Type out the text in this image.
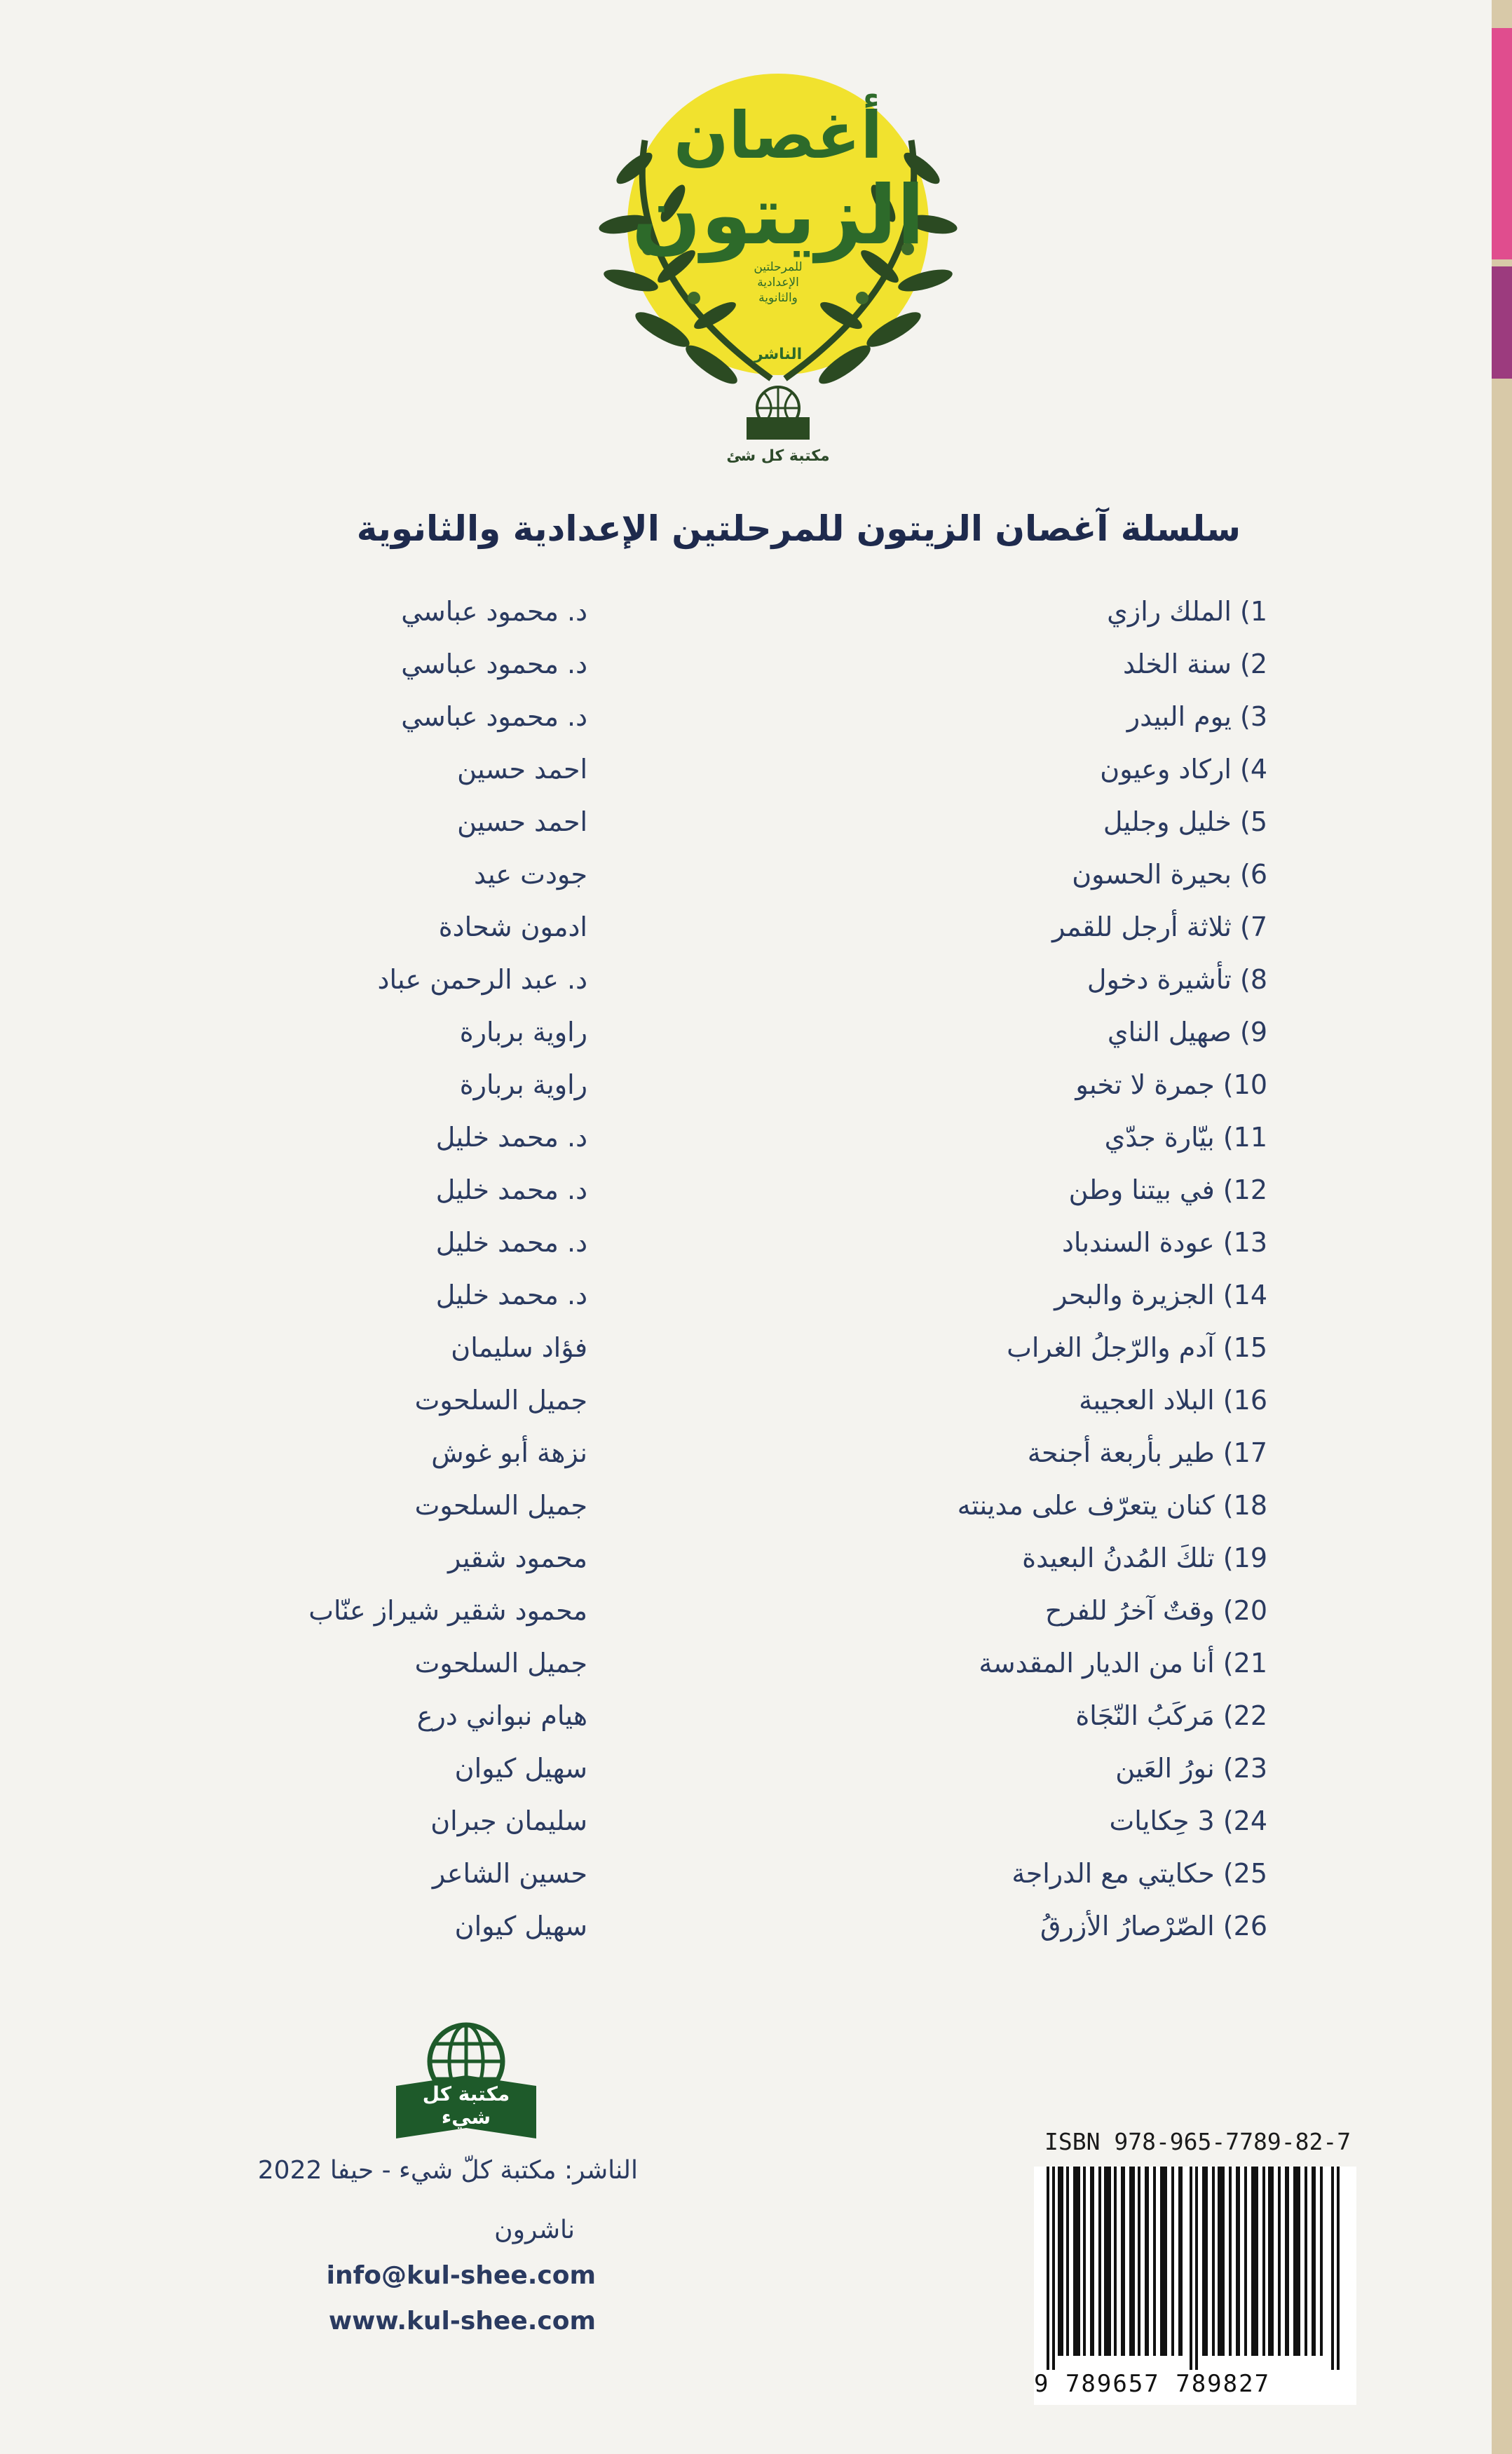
أغصان
الزيتون
للمرحلتين الإعدادية والثانوية
الناشر
مكتبة كل شئ
سلسلة آغصان الزيتون للمرحلتين الإعدادية والثانوية
1) الملك رازي
د. محمود عباسي
2) سنة الخلد
د. محمود عباسي
3) يوم البيدر
د. محمود عباسي
4) اركاد وعيون
احمد حسين
5) خليل وجليل
احمد حسين
6) بحيرة الحسون
جودت عيد
7) ثلاثة أرجل للقمر
ادمون شحادة
8) تأشيرة دخول
د. عبد الرحمن عباد
9) صهيل الناي
راوية بربارة
10) جمرة لا تخبو
راوية بربارة
11) بيّارة جدّي
د. محمد خليل
12) في بيتنا وطن
د. محمد خليل
13) عودة السندباد
د. محمد خليل
14) الجزيرة والبحر
د. محمد خليل
15) آدم والرّجلُ الغراب
فؤاد سليمان
16) البلاد العجيبة
جميل السلحوت
17) طير بأربعة أجنحة
نزهة أبو غوش
18) كنان يتعرّف على مدينته
جميل السلحوت
19) تلكَ المُدنُ البعيدة
محمود شقير
20) وقتٌ آخرُ للفرح
محمود شقير شيراز عنّاب
21) أنا من الديار المقدسة
جميل السلحوت
22) مَركَبُ النّجَاة
هيام نبواني درع
23) نورُ العَين
سهيل كيوان
24) 3 حِكايات
سليمان جبران
25) حكايتي مع الدراجة
حسين الشاعر
26) الصّرْصارُ الأزرقُ
سهيل كيوان
مكتبة كل شيء
الناشر: مكتبة كلّ شيء - حيفا 2022
ناشرون
info@kul-shee.com
www.kul-shee.com
ISBN 978-965-7789-82-7
9 789657 789827
